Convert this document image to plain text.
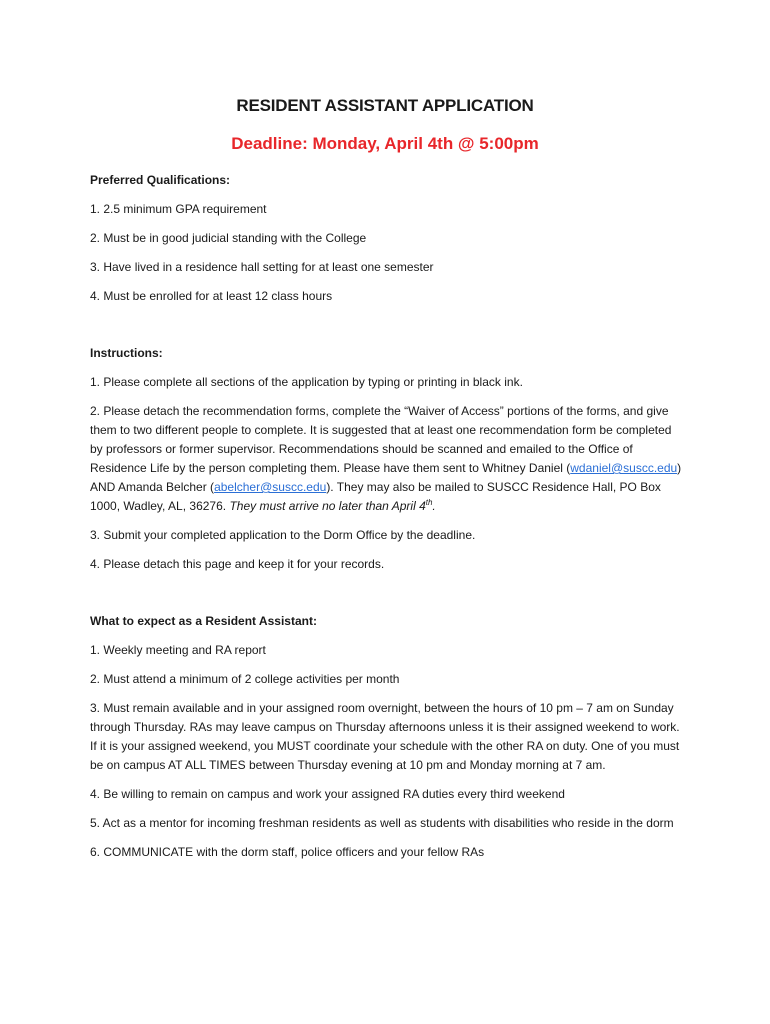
RESIDENT ASSISTANT APPLICATION
Deadline: Monday, April 4th @ 5:00pm

Preferred Qualifications:

1. 2.5 minimum GPA requirement

2. Must be in good judicial standing with the College

3. Have lived in a residence hall setting for at least one semester

4. Must be enrolled for at least 12 class hours

Instructions:

1. Please complete all sections of the application by typing or printing in black ink.

2. Please detach the recommendation forms, complete the “Waiver of Access” portions of the forms, and give them to two different people to complete. It is suggested that at least one recommendation form be completed by professors or former supervisor. Recommendations should be scanned and emailed to the Office of Residence Life by the person completing them. Please have them sent to Whitney Daniel (wdaniel@suscc.edu) AND Amanda Belcher (abelcher@suscc.edu). They may also be mailed to SUSCC Residence Hall, PO Box 1000, Wadley, AL, 36276. They must arrive no later than April 4th.

3. Submit your completed application to the Dorm Office by the deadline.

4. Please detach this page and keep it for your records.

What to expect as a Resident Assistant:

1. Weekly meeting and RA report

2. Must attend a minimum of 2 college activities per month

3. Must remain available and in your assigned room overnight, between the hours of 10 pm – 7 am on Sunday through Thursday. RAs may leave campus on Thursday afternoons unless it is their assigned weekend to work. If it is your assigned weekend, you MUST coordinate your schedule with the other RA on duty. One of you must be on campus AT ALL TIMES between Thursday evening at 10 pm and Monday morning at 7 am.

4. Be willing to remain on campus and work your assigned RA duties every third weekend

5. Act as a mentor for incoming freshman residents as well as students with disabilities who reside in the dorm

6. COMMUNICATE with the dorm staff, police officers and your fellow RAs
